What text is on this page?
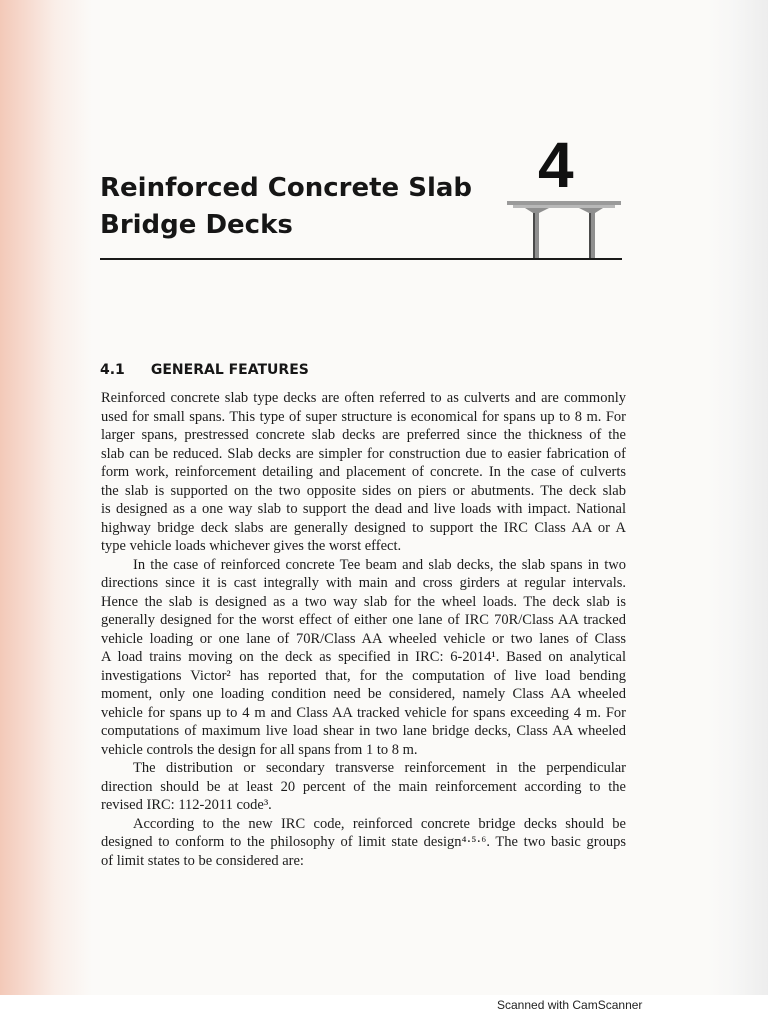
Reinforced Concrete Slab
Bridge Decks
4
4.1 GENERAL FEATURES
Reinforced concrete slab type decks are often referred to as culverts and are commonly
used for small spans. This type of super structure is economical for spans up to 8 m. For
larger spans, prestressed concrete slab decks are preferred since the thickness of the
slab can be reduced. Slab decks are simpler for construction due to easier fabrication of
form work, reinforcement detailing and placement of concrete. In the case of culverts
the slab is supported on the two opposite sides on piers or abutments. The deck slab
is designed as a one way slab to support the dead and live loads with impact. National
highway bridge deck slabs are generally designed to support the IRC Class AA or A
type vehicle loads whichever gives the worst effect.
In the case of reinforced concrete Tee beam and slab decks, the slab spans in two
directions since it is cast integrally with main and cross girders at regular intervals.
Hence the slab is designed as a two way slab for the wheel loads. The deck slab is
generally designed for the worst effect of either one lane of IRC 70R/Class AA tracked
vehicle loading or one lane of 70R/Class AA wheeled vehicle or two lanes of Class
A load trains moving on the deck as specified in IRC: 6-2014¹. Based on analytical
investigations Victor² has reported that, for the computation of live load bending
moment, only one loading condition need be considered, namely Class AA wheeled
vehicle for spans up to 4 m and Class AA tracked vehicle for spans exceeding 4 m. For
computations of maximum live load shear in two lane bridge decks, Class AA wheeled
vehicle controls the design for all spans from 1 to 8 m.
The distribution or secondary transverse reinforcement in the perpendicular
direction should be at least 20 percent of the main reinforcement according to the
revised IRC: 112-2011 code³.
According to the new IRC code, reinforced concrete bridge decks should be
designed to conform to the philosophy of limit state design⁴·⁵·⁶. The two basic groups
of limit states to be considered are:
Scanned with CamScanner
